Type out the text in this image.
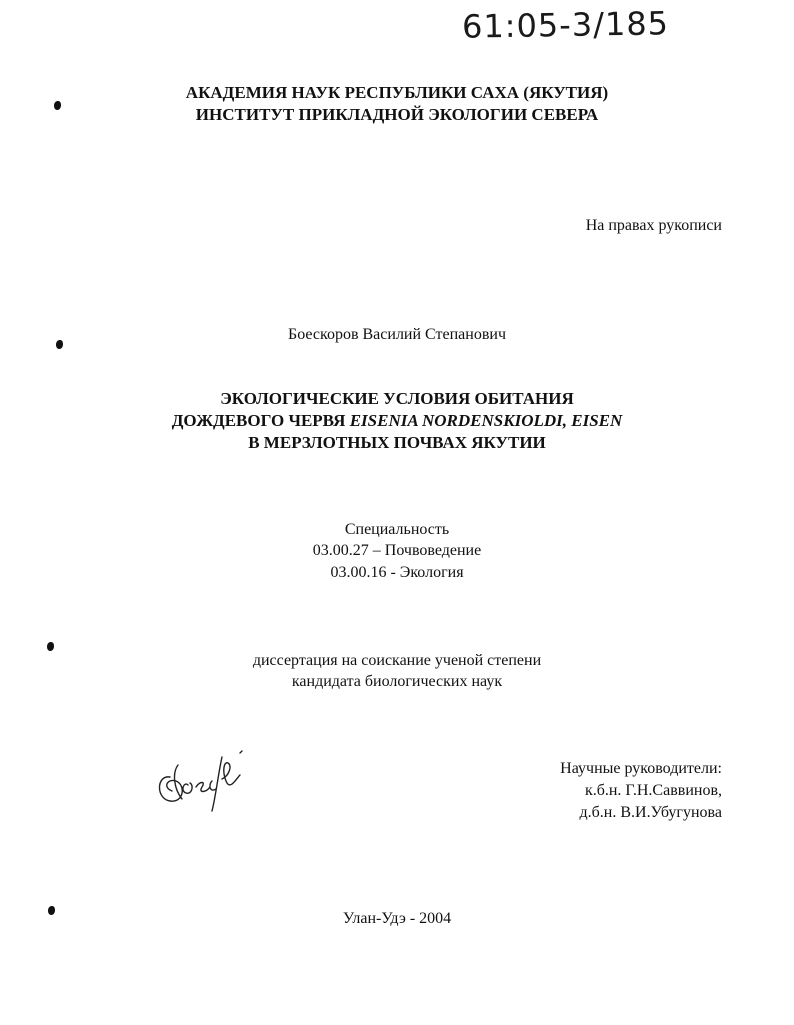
61:05-3/185
АКАДЕМИЯ НАУК РЕСПУБЛИКИ САХА (ЯКУТИЯ)
ИНСТИТУТ ПРИКЛАДНОЙ ЭКОЛОГИИ СЕВЕРА
На правах рукописи
Боескоров Василий Степанович
ЭКОЛОГИЧЕСКИЕ УСЛОВИЯ ОБИТАНИЯ
ДОЖДЕВОГО ЧЕРВЯ EISENIA NORDENSKIOLDI, EISEN
В МЕРЗЛОТНЫХ ПОЧВАХ ЯКУТИИ
Специальность
03.00.27 – Почвоведение
03.00.16 - Экология
диссертация на соискание ученой степени
кандидата биологических наук
Научные руководители:
к.б.н. Г.Н.Саввинов,
д.б.н. В.И.Убугунова
Улан-Удэ - 2004
